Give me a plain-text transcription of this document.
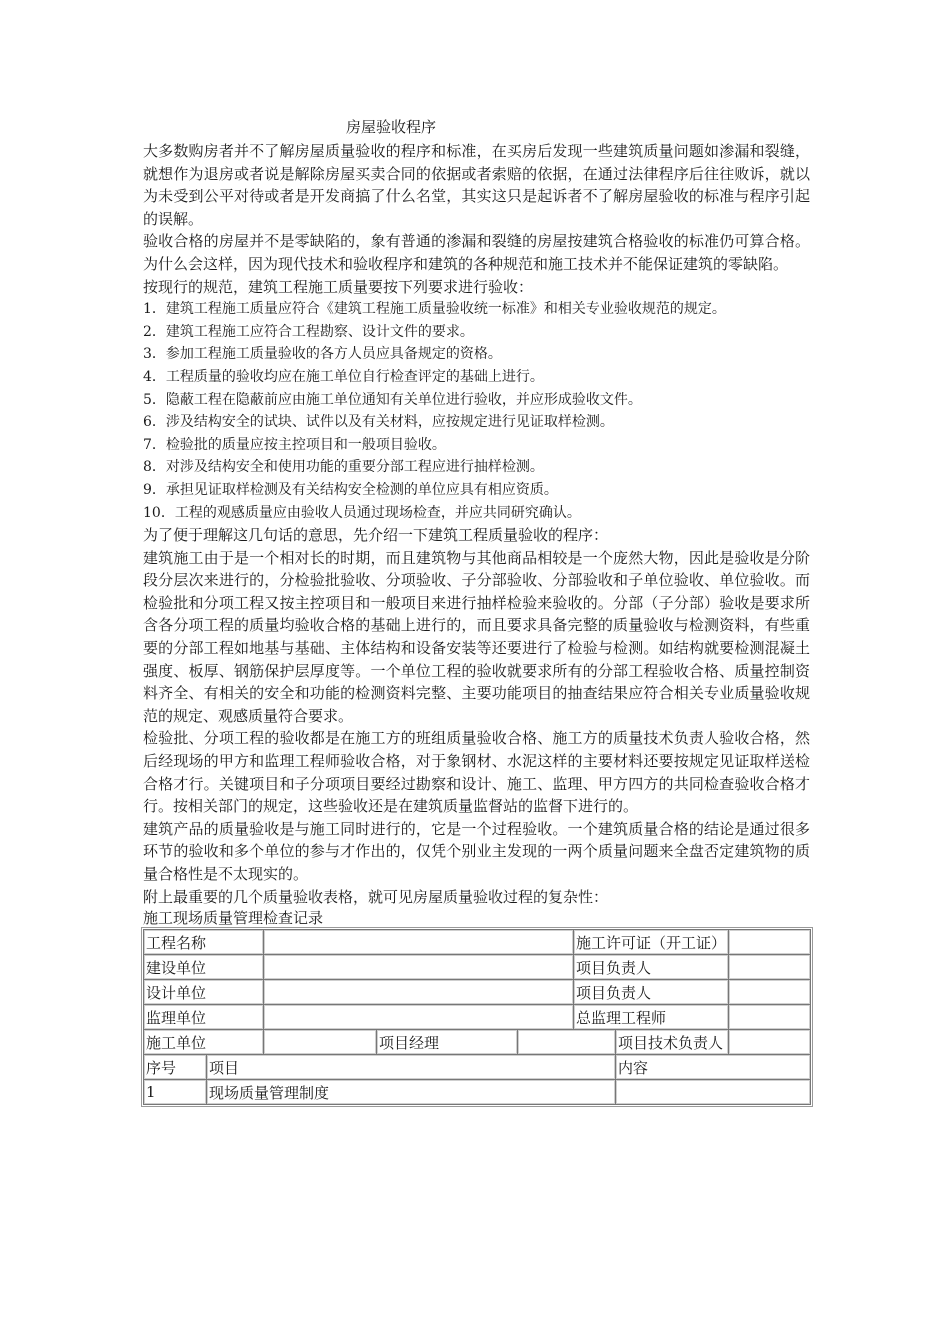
房屋验收程序

大多数购房者并不了解房屋质量验收的程序和标准，在买房后发现一些建筑质量问题如渗漏和裂缝，就想作为退房或者说是解除房屋买卖合同的依据或者索赔的依据，在通过法律程序后往往败诉，就以为未受到公平对待或者是开发商搞了什么名堂，其实这只是起诉者不了解房屋验收的标准与程序引起的误解。

验收合格的房屋并不是零缺陷的，象有普通的渗漏和裂缝的房屋按建筑合格验收的标准仍可算合格。为什么会这样，因为现代技术和验收程序和建筑的各种规范和施工技术并不能保证建筑的零缺陷。

按现行的规范，建筑工程施工质量要按下列要求进行验收：

1．建筑工程施工质量应符合《建筑工程施工质量验收统一标准》和相关专业验收规范的规定。

2．建筑工程施工应符合工程勘察、设计文件的要求。

3．参加工程施工质量验收的各方人员应具备规定的资格。

4．工程质量的验收均应在施工单位自行检查评定的基础上进行。

5．隐蔽工程在隐蔽前应由施工单位通知有关单位进行验收，并应形成验收文件。

6．涉及结构安全的试块、试件以及有关材料，应按规定进行见证取样检测。

7．检验批的质量应按主控项目和一般项目验收。

8．对涉及结构安全和使用功能的重要分部工程应进行抽样检测。

9．承担见证取样检测及有关结构安全检测的单位应具有相应资质。

10．工程的观感质量应由验收人员通过现场检查，并应共同研究确认。

为了便于理解这几句话的意思，先介绍一下建筑工程质量验收的程序：

建筑施工由于是一个相对长的时期，而且建筑物与其他商品相较是一个庞然大物，因此是验收是分阶段分层次来进行的，分检验批验收、分项验收、子分部验收、分部验收和子单位验收、单位验收。而检验批和分项工程又按主控项目和一般项目来进行抽样检验来验收的。分部（子分部）验收是要求所含各分项工程的质量均验收合格的基础上进行的，而且要求具备完整的质量验收与检测资料，有些重要的分部工程如地基与基础、主体结构和设备安装等还要进行了检验与检测。如结构就要检测混凝土强度、板厚、钢筋保护层厚度等。一个单位工程的验收就要求所有的分部工程验收合格、质量控制资料齐全、有相关的安全和功能的检测资料完整、主要功能项目的抽查结果应符合相关专业质量验收规范的规定、观感质量符合要求。

检验批、分项工程的验收都是在施工方的班组质量验收合格、施工方的质量技术负责人验收合格，然后经现场的甲方和监理工程师验收合格，对于象钢材、水泥这样的主要材料还要按规定见证取样送检合格才行。关键项目和子分项项目要经过勘察和设计、施工、监理、甲方四方的共同检查验收合格才行。按相关部门的规定，这些验收还是在建筑质量监督站的监督下进行的。

建筑产品的质量验收是与施工同时进行的，它是一个过程验收。一个建筑质量合格的结论是通过很多环节的验收和多个单位的参与才作出的，仅凭个别业主发现的一两个质量问题来全盘否定建筑物的质量合格性是不太现实的。

附上最重要的几个质量验收表格，就可见房屋质量验收过程的复杂性：

施工现场质量管理检查记录
工程名称					施工许可证（开工证）		
建设单位					项目负责人		
设计单位					项目负责人		
监理单位					总监理工程师		
施工单位			项目经理			项目技术负责人	
序号	项目					内容	
1	现场质量管理制度						
